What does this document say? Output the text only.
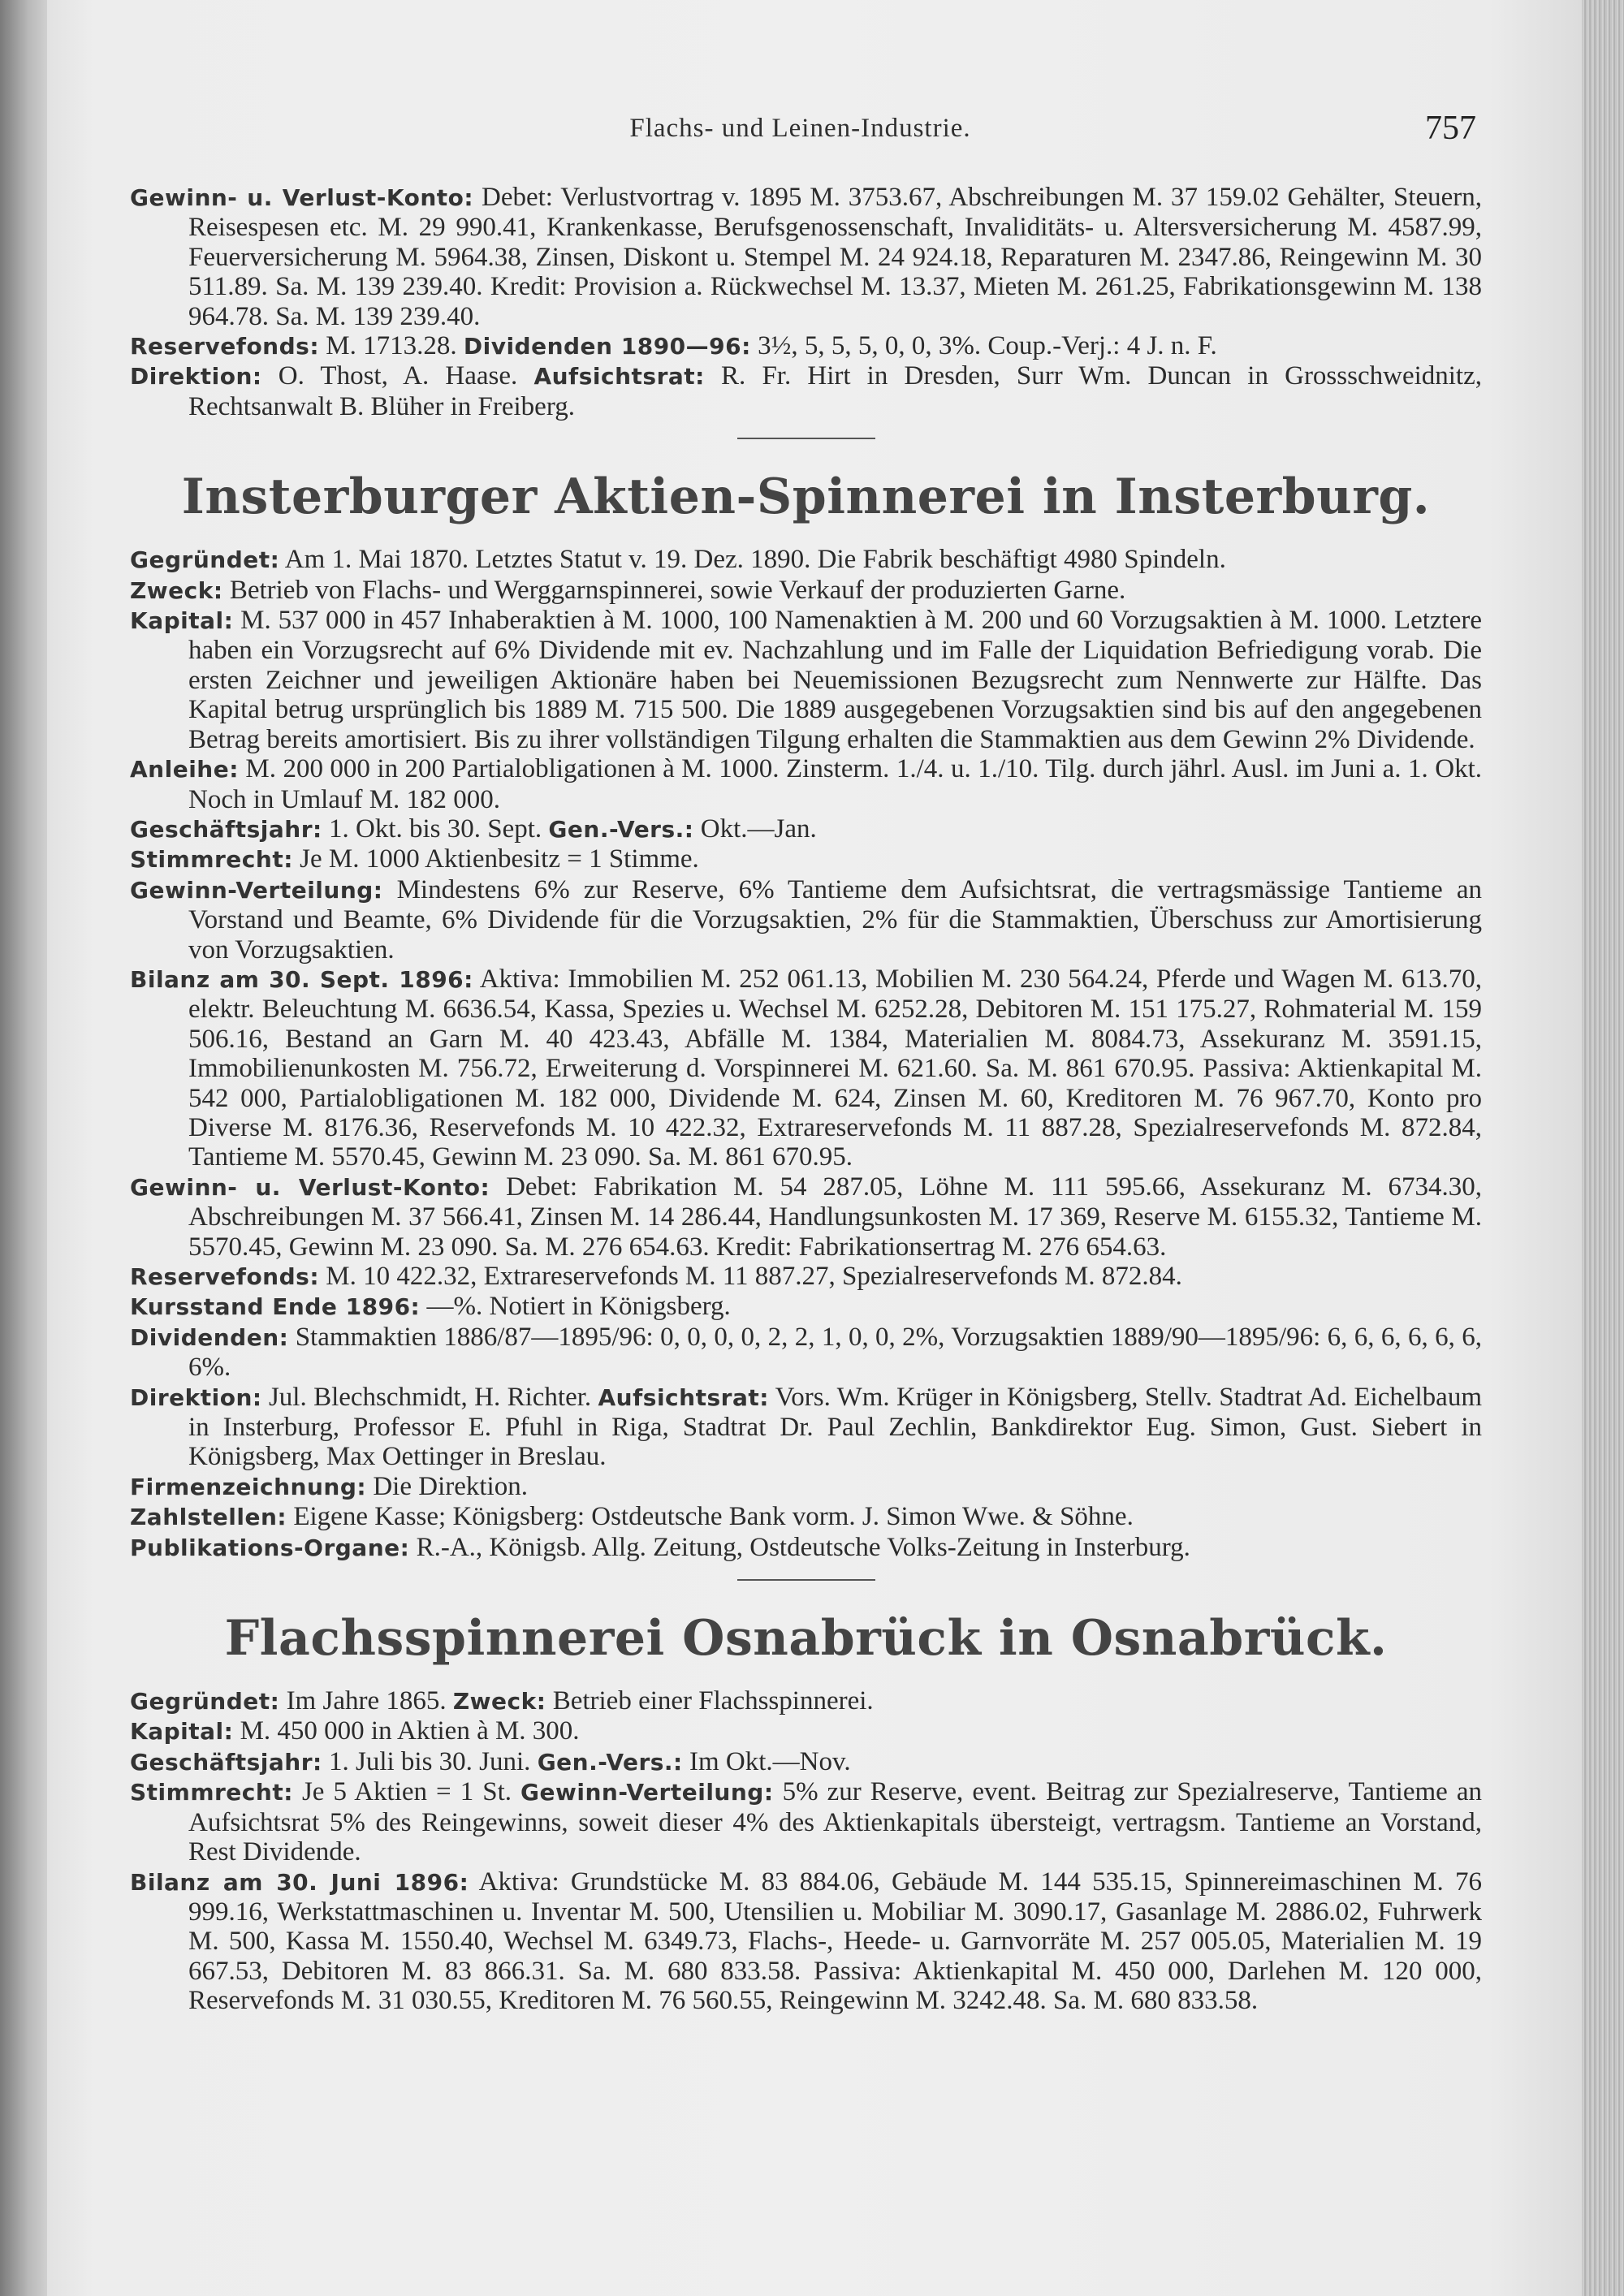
Flachs- und Leinen-Industrie.	757

Gewinn- u. Verlust-Konto: Debet: Verlustvortrag v. 1895 M. 3753.67, Abschreibungen M. 37 159.02 Gehälter, Steuern, Reisespesen etc. M. 29 990.41, Krankenkasse, Berufsgenossenschaft, Invaliditäts- u. Altersversicherung M. 4587.99, Feuerversicherung M. 5964.38, Zinsen, Diskont u. Stempel M. 24 924.18, Reparaturen M. 2347.86, Reingewinn M. 30 511.89. Sa. M. 139 239.40. Kredit: Provision a. Rückwechsel M. 13.37, Mieten M. 261.25, Fabrikationsgewinn M. 138 964.78. Sa. M. 139 239.40.

Reservefonds: M. 1713.28. Dividenden 1890—96: 3½, 5, 5, 5, 0, 0, 3%. Coup.-Verj.: 4 J. n. F.

Direktion: O. Thost, A. Haase. Aufsichtsrat: R. Fr. Hirt in Dresden, Surr Wm. Duncan in Grossschweidnitz, Rechtsanwalt B. Blüher in Freiberg.

Insterburger Aktien-Spinnerei in Insterburg.

Gegründet: Am 1. Mai 1870. Letztes Statut v. 19. Dez. 1890. Die Fabrik beschäftigt 4980 Spindeln.

Zweck: Betrieb von Flachs- und Werggarnspinnerei, sowie Verkauf der produzierten Garne.

Kapital: M. 537 000 in 457 Inhaberaktien à M. 1000, 100 Namenaktien à M. 200 und 60 Vorzugsaktien à M. 1000. Letztere haben ein Vorzugsrecht auf 6% Dividende mit ev. Nachzahlung und im Falle der Liquidation Befriedigung vorab. Die ersten Zeichner und jeweiligen Aktionäre haben bei Neuemissionen Bezugsrecht zum Nennwerte zur Hälfte. Das Kapital betrug ursprünglich bis 1889 M. 715 500. Die 1889 ausgegebenen Vorzugsaktien sind bis auf den angegebenen Betrag bereits amortisiert. Bis zu ihrer vollständigen Tilgung erhalten die Stammaktien aus dem Gewinn 2% Dividende.

Anleihe: M. 200 000 in 200 Partialobligationen à M. 1000. Zinsterm. 1./4. u. 1./10. Tilg. durch jährl. Ausl. im Juni a. 1. Okt. Noch in Umlauf M. 182 000.

Geschäftsjahr: 1. Okt. bis 30. Sept. Gen.-Vers.: Okt.—Jan.

Stimmrecht: Je M. 1000 Aktienbesitz = 1 Stimme.

Gewinn-Verteilung: Mindestens 6% zur Reserve, 6% Tantieme dem Aufsichtsrat, die vertragsmässige Tantieme an Vorstand und Beamte, 6% Dividende für die Vorzugsaktien, 2% für die Stammaktien, Überschuss zur Amortisierung von Vorzugsaktien.

Bilanz am 30. Sept. 1896: Aktiva: Immobilien M. 252 061.13, Mobilien M. 230 564.24, Pferde und Wagen M. 613.70, elektr. Beleuchtung M. 6636.54, Kassa, Spezies u. Wechsel M. 6252.28, Debitoren M. 151 175.27, Rohmaterial M. 159 506.16, Bestand an Garn M. 40 423.43, Abfälle M. 1384, Materialien M. 8084.73, Assekuranz M. 3591.15, Immobilienunkosten M. 756.72, Erweiterung d. Vorspinnerei M. 621.60. Sa. M. 861 670.95. Passiva: Aktienkapital M. 542 000, Partialobligationen M. 182 000, Dividende M. 624, Zinsen M. 60, Kreditoren M. 76 967.70, Konto pro Diverse M. 8176.36, Reservefonds M. 10 422.32, Extrareservefonds M. 11 887.28, Spezialreservefonds M. 872.84, Tantieme M. 5570.45, Gewinn M. 23 090. Sa. M. 861 670.95.

Gewinn- u. Verlust-Konto: Debet: Fabrikation M. 54 287.05, Löhne M. 111 595.66, Assekuranz M. 6734.30, Abschreibungen M. 37 566.41, Zinsen M. 14 286.44, Handlungsunkosten M. 17 369, Reserve M. 6155.32, Tantieme M. 5570.45, Gewinn M. 23 090. Sa. M. 276 654.63. Kredit: Fabrikationsertrag M. 276 654.63.

Reservefonds: M. 10 422.32, Extrareservefonds M. 11 887.27, Spezialreservefonds M. 872.84.

Kursstand Ende 1896: —%. Notiert in Königsberg.

Dividenden: Stammaktien 1886/87—1895/96: 0, 0, 0, 0, 2, 2, 1, 0, 0, 2%, Vorzugsaktien 1889/90—1895/96: 6, 6, 6, 6, 6, 6, 6%.

Direktion: Jul. Blechschmidt, H. Richter. Aufsichtsrat: Vors. Wm. Krüger in Königsberg, Stellv. Stadtrat Ad. Eichelbaum in Insterburg, Professor E. Pfuhl in Riga, Stadtrat Dr. Paul Zechlin, Bankdirektor Eug. Simon, Gust. Siebert in Königsberg, Max Oettinger in Breslau.

Firmenzeichnung: Die Direktion.

Zahlstellen: Eigene Kasse; Königsberg: Ostdeutsche Bank vorm. J. Simon Wwe. & Söhne.

Publikations-Organe: R.-A., Königsb. Allg. Zeitung, Ostdeutsche Volks-Zeitung in Insterburg.

Flachsspinnerei Osnabrück in Osnabrück.

Gegründet: Im Jahre 1865. Zweck: Betrieb einer Flachsspinnerei.

Kapital: M. 450 000 in Aktien à M. 300.

Geschäftsjahr: 1. Juli bis 30. Juni. Gen.-Vers.: Im Okt.—Nov.

Stimmrecht: Je 5 Aktien = 1 St. Gewinn-Verteilung: 5% zur Reserve, event. Beitrag zur Spezialreserve, Tantieme an Aufsichtsrat 5% des Reingewinns, soweit dieser 4% des Aktienkapitals übersteigt, vertragsm. Tantieme an Vorstand, Rest Dividende.

Bilanz am 30. Juni 1896: Aktiva: Grundstücke M. 83 884.06, Gebäude M. 144 535.15, Spinnereimaschinen M. 76 999.16, Werkstattmaschinen u. Inventar M. 500, Utensilien u. Mobiliar M. 3090.17, Gasanlage M. 2886.02, Fuhrwerk M. 500, Kassa M. 1550.40, Wechsel M. 6349.73, Flachs-, Heede- u. Garnvorräte M. 257 005.05, Materialien M. 19 667.53, Debitoren M. 83 866.31. Sa. M. 680 833.58. Passiva: Aktienkapital M. 450 000, Darlehen M. 120 000, Reservefonds M. 31 030.55, Kreditoren M. 76 560.55, Reingewinn M. 3242.48. Sa. M. 680 833.58.
